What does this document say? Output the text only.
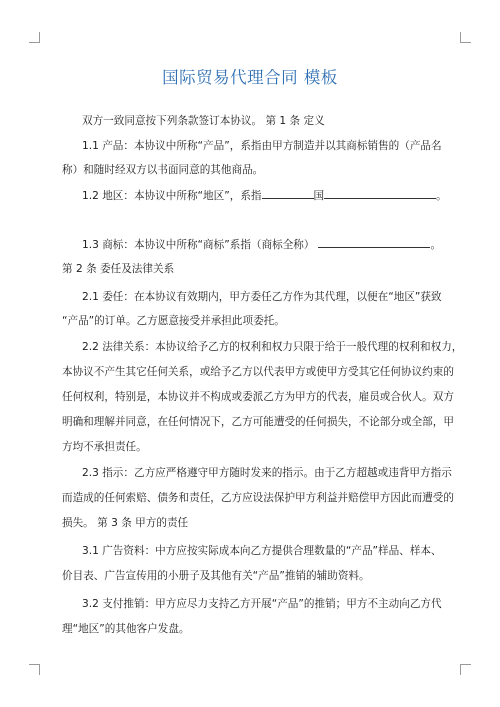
国际贸易代理合同 模板
双方一致同意按下列条款签订本协议。 第 1 条 定义
1.1 产品：本协议中所称“产品”，系指由甲方制造并以其商标销售的（产品名
称）和随时经双方以书面同意的其他商品。
1.2 地区：本协议中所称“地区”，系指	国	。
1.3 商标：本协议中所称“商标”系指（商标全称）	。
第 2 条 委任及法律关系
2.1 委任：在本协议有效期内，甲方委任乙方作为其代理，以便在“地区”获致
“产品”的订单。乙方愿意接受并承担此项委托。
2.2 法律关系：本协议给予乙方的权利和权力只限于给于一般代理的权利和权力，
本协议不产生其它任何关系，或给予乙方以代表甲方或使甲方受其它任何协议约束的
任何权利，特别是，本协议并不构成或委派乙方为甲方的代表，雇员或合伙人。双方
明确和理解并同意，在任何情况下，乙方可能遭受的任何损失，不论部分或全部，甲
方均不承担责任。
2.3 指示：乙方应严格遵守甲方随时发来的指示。由于乙方超越或违背甲方指示
而造成的任何索赔、债务和责任，乙方应设法保护甲方利益并赔偿甲方因此而遭受的
损失。 第 3 条 甲方的责任
3.1 广告资料：中方应按实际成本向乙方提供合理数量的“产品”样品、样本、
价目表、广告宣传用的小册子及其他有关“产品”推销的辅助资料。
3.2 支付推销：甲方应尽力支持乙方开展“产品”的推销；甲方不主动向乙方代
理“地区”的其他客户发盘。
